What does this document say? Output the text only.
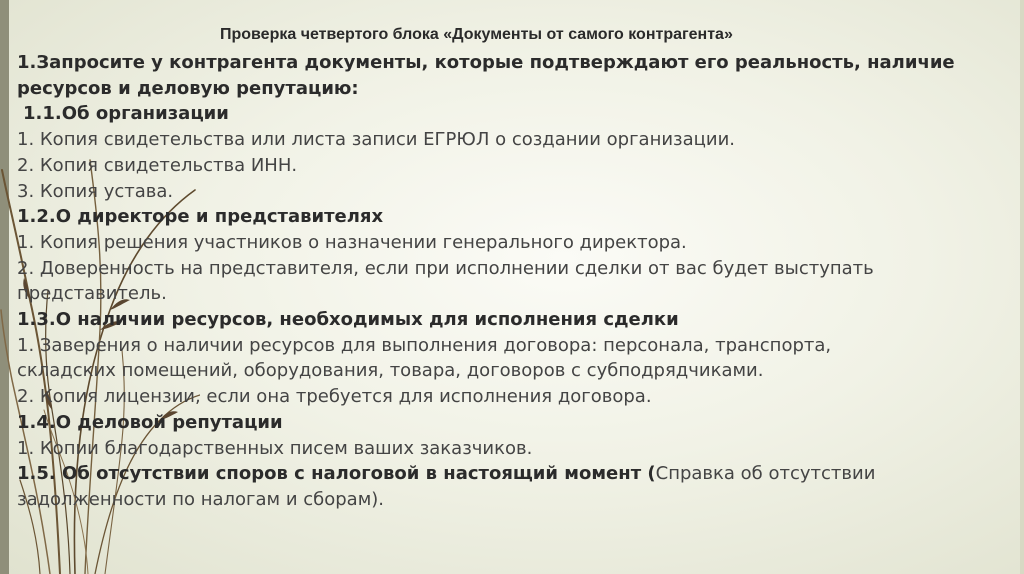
Проверка четвертого блока «Документы от самого контрагента»
1.Запросите у контрагента документы, которые подтверждают его реальность, наличие
ресурсов и деловую репутацию:
1.1.Об организации
1. Копия свидетельства или листа записи ЕГРЮЛ о создании организации.
2. Копия свидетельства ИНН.
3. Копия устава.
1.2.О директоре и представителях
1. Копия решения участников о назначении генерального директора.
2. Доверенность на представителя, если при исполнении сделки от вас будет выступать
представитель.
1.3.О наличии ресурсов, необходимых для исполнения сделки
1. Заверения о наличии ресурсов для выполнения договора: персонала, транспорта,
складских помещений, оборудования, товара, договоров с субподрядчиками.
2. Копия лицензии, если она требуется для исполнения договора.
1.4.О деловой репутации
1. Копии благодарственных писем ваших заказчиков.
1.5. Об отсутствии споров с налоговой в настоящий момент (Справка об отсутствии
задолженности по налогам и сборам).
